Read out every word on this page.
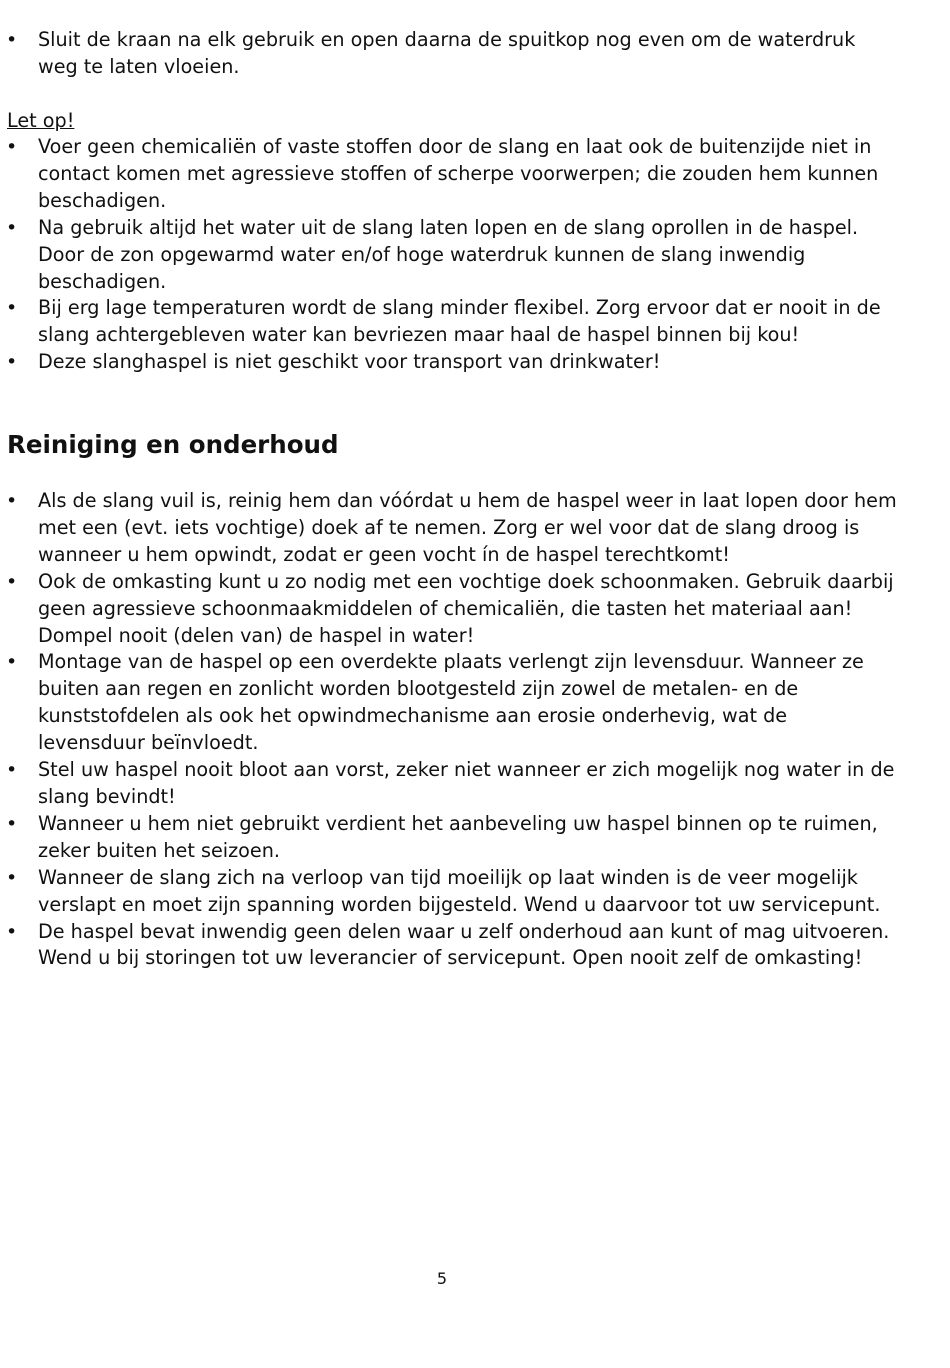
• Sluit de kraan na elk gebruik en open daarna de spuitkop nog even om de waterdruk weg te laten vloeien.

Let op!

• Voer geen chemicaliën of vaste stoffen door de slang en laat ook de buitenzijde niet in contact komen met agressieve stoffen of scherpe voorwerpen; die zouden hem kunnen beschadigen.
• Na gebruik altijd het water uit de slang laten lopen en de slang oprollen in de haspel. Door de zon opgewarmd water en/of hoge waterdruk kunnen de slang inwendig beschadigen.
• Bij erg lage temperaturen wordt de slang minder flexibel. Zorg ervoor dat er nooit in de slang achtergebleven water kan bevriezen maar haal de haspel binnen bij kou!
• Deze slanghaspel is niet geschikt voor transport van drinkwater!
Reiniging en onderhoud
• Als de slang vuil is, reinig hem dan vóórdat u hem de haspel weer in laat lopen door hem met een (evt. iets vochtige) doek af te nemen. Zorg er wel voor dat de slang droog is wanneer u hem opwindt, zodat er geen vocht ín de haspel terechtkomt!
• Ook de omkasting kunt u zo nodig met een vochtige doek schoonmaken. Gebruik daarbij geen agressieve schoonmaakmiddelen of chemicaliën, die tasten het materiaal aan! Dompel nooit (delen van) de haspel in water!
• Montage van de haspel op een overdekte plaats verlengt zijn levensduur. Wanneer ze buiten aan regen en zonlicht worden blootgesteld zijn zowel de metalen- en de kunststofdelen als ook het opwindmechanisme aan erosie onderhevig, wat de levensduur beïnvloedt.
• Stel uw haspel nooit bloot aan vorst, zeker niet wanneer er zich mogelijk nog water in de slang bevindt!
• Wanneer u hem niet gebruikt verdient het aanbeveling uw haspel binnen op te ruimen, zeker buiten het seizoen.
• Wanneer de slang zich na verloop van tijd moeilijk op laat winden is de veer mogelijk verslapt en moet zijn spanning worden bijgesteld. Wend u daarvoor tot uw servicepunt.
• De haspel bevat inwendig geen delen waar u zelf onderhoud aan kunt of mag uitvoeren. Wend u bij storingen tot uw leverancier of servicepunt. Open nooit zelf de omkasting!
5
